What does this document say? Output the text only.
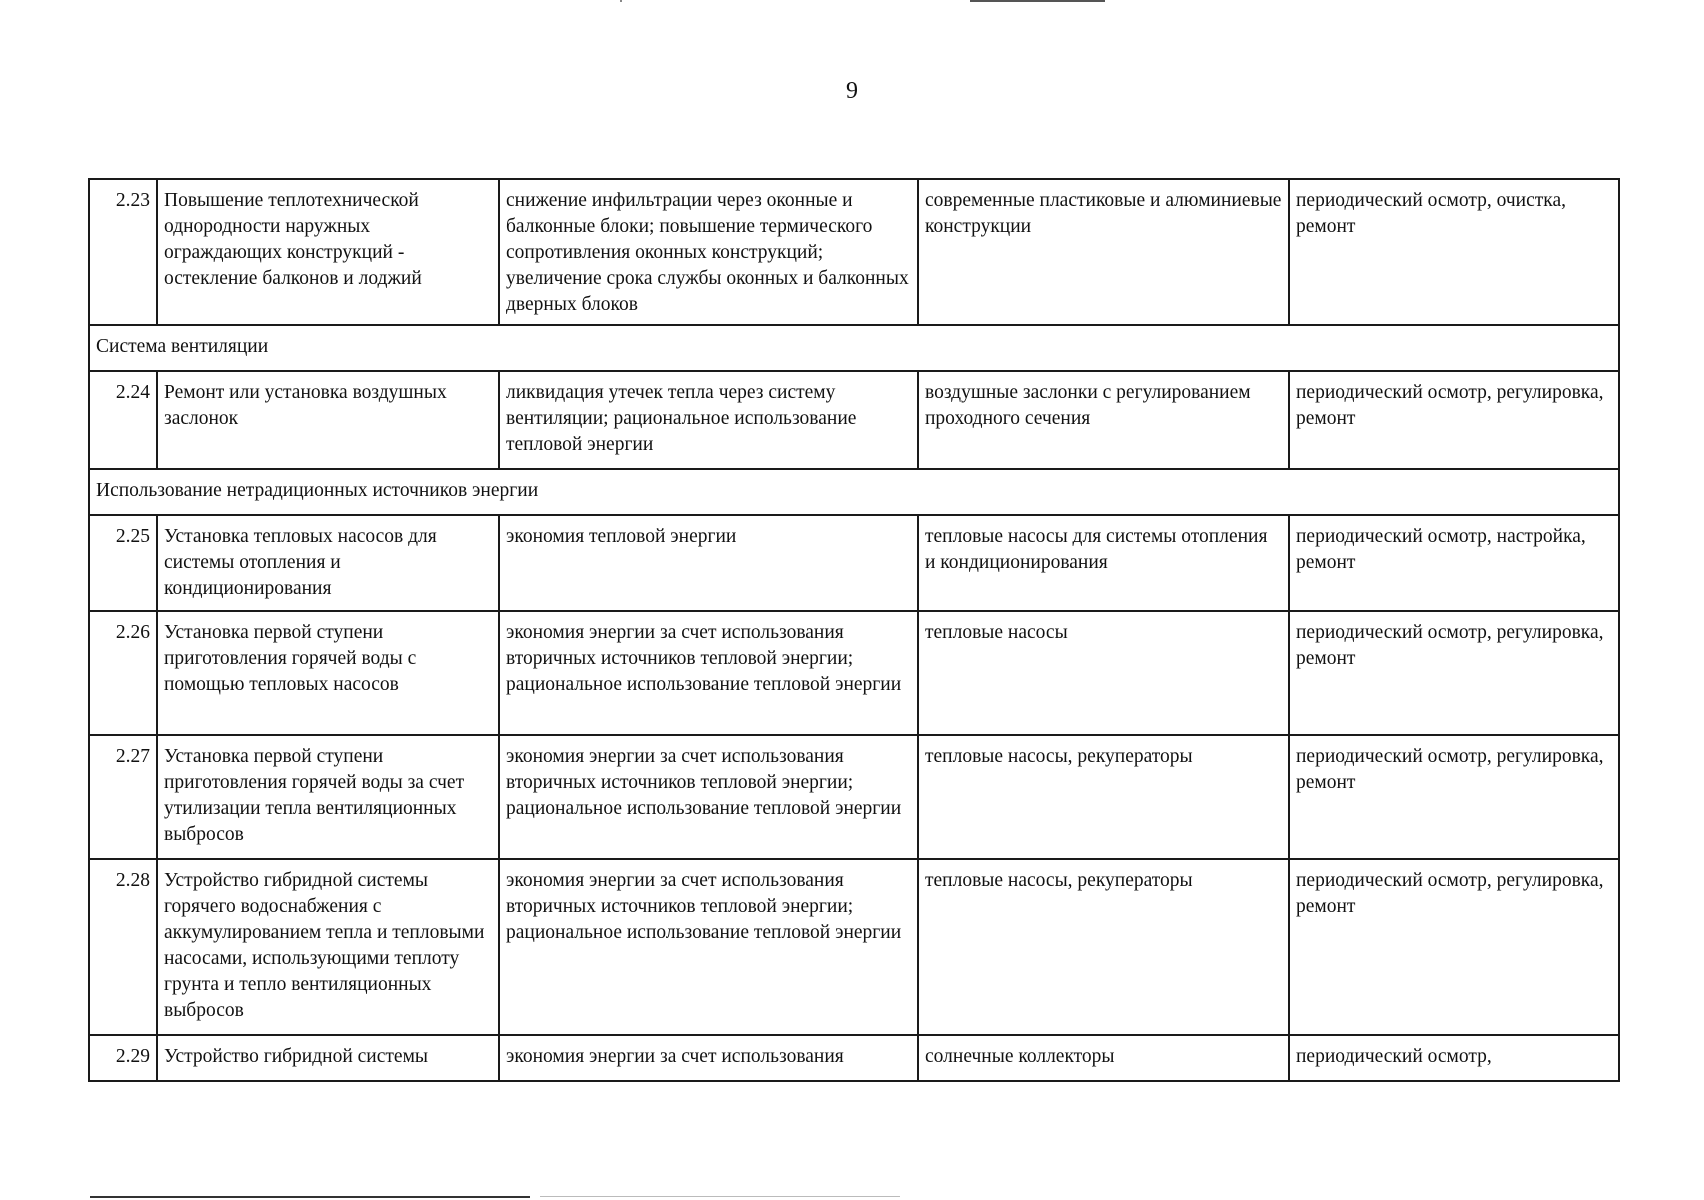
9
2.23	Повышение теплотехнической однородности наружных ограждающих конструкций - остекление балконов и лоджий	снижение инфильтрации через оконные и балконные блоки; повышение термического сопротивления оконных конструкций; увеличение срока службы оконных и балконных дверных блоков	современные пластиковые и алюминиевые конструкции	периодический осмотр, очистка, ремонт
Система вентиляции				
2.24	Ремонт или установка воздушных заслонок	ликвидация утечек тепла через систему вентиляции; рациональное использование тепловой энергии	воздушные заслонки с регулированием проходного сечения	периодический осмотр, регулировка, ремонт
Использование нетрадиционных источников энергии				
2.25	Установка тепловых насосов для системы отопления и кондиционирования	экономия тепловой энергии	тепловые насосы для системы отопления и кондиционирования	периодический осмотр, настройка, ремонт
2.26	Установка первой ступени приготовления горячей воды с помощью тепловых насосов	экономия энергии за счет использования вторичных источников тепловой энергии; рациональное использование тепловой энергии	тепловые насосы	периодический осмотр, регулировка, ремонт
2.27	Установка первой ступени приготовления горячей воды за счет утилизации тепла вентиляционных выбросов	экономия энергии за счет использования вторичных источников тепловой энергии; рациональное использование тепловой энергии	тепловые насосы, рекуператоры	периодический осмотр, регулировка, ремонт
2.28	Устройство гибридной системы горячего водоснабжения с аккумулированием тепла и тепловыми насосами, использующими теплоту грунта и тепло вентиляционных выбросов	экономия энергии за счет использования вторичных источников тепловой энергии; рациональное использование тепловой энергии	тепловые насосы, рекуператоры	периодический осмотр, регулировка, ремонт
2.29	Устройство гибридной системы	экономия энергии за счет использования	солнечные коллекторы	периодический осмотр,
